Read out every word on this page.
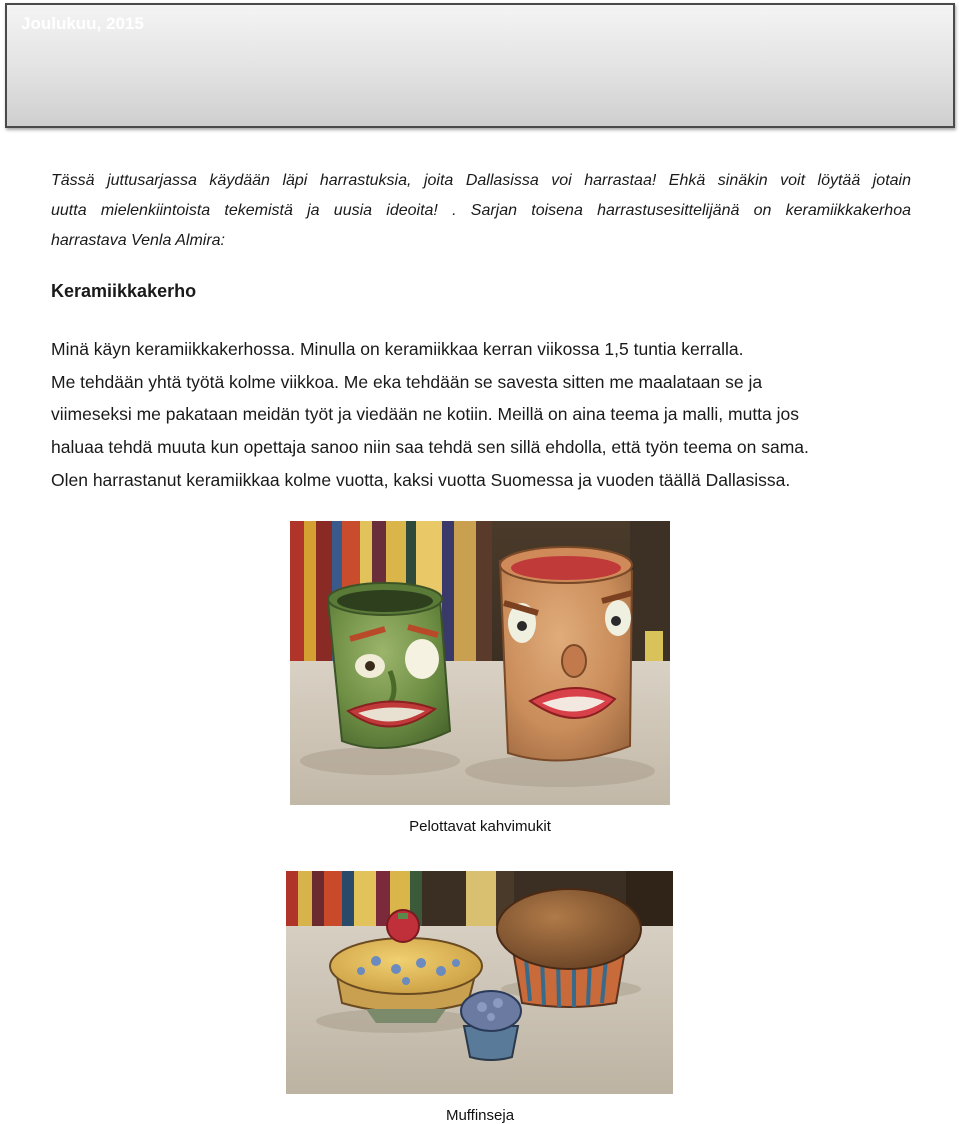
Joulukuu, 2015
Tässä juttusarjassa käydään läpi harrastuksia, joita Dallasissa voi harrastaa! Ehkä sinäkin voit löytää jotain
uutta mielenkiintoista tekemistä ja uusia ideoita! . Sarjan toisena harrastusesittelijänä on keramiikkakerhoa
harrastava Venla Almira:
Keramiikkakerho
Minä käyn keramiikkakerhossa. Minulla on keramiikkaa kerran viikossa 1,5 tuntia kerralla.
Me tehdään yhtä työtä kolme viikkoa. Me eka tehdään se savesta sitten me maalataan se ja
viimeseksi me pakataan meidän työt ja viedään ne kotiin. Meillä on aina teema ja malli, mutta jos
haluaa tehdä muuta kun opettaja sanoo niin saa tehdä sen sillä ehdolla, että työn teema on sama.
Olen harrastanut keramiikkaa kolme vuotta, kaksi vuotta Suomessa ja vuoden täällä Dallasissa.
Pelottavat kahvimukit
Muffinseja
